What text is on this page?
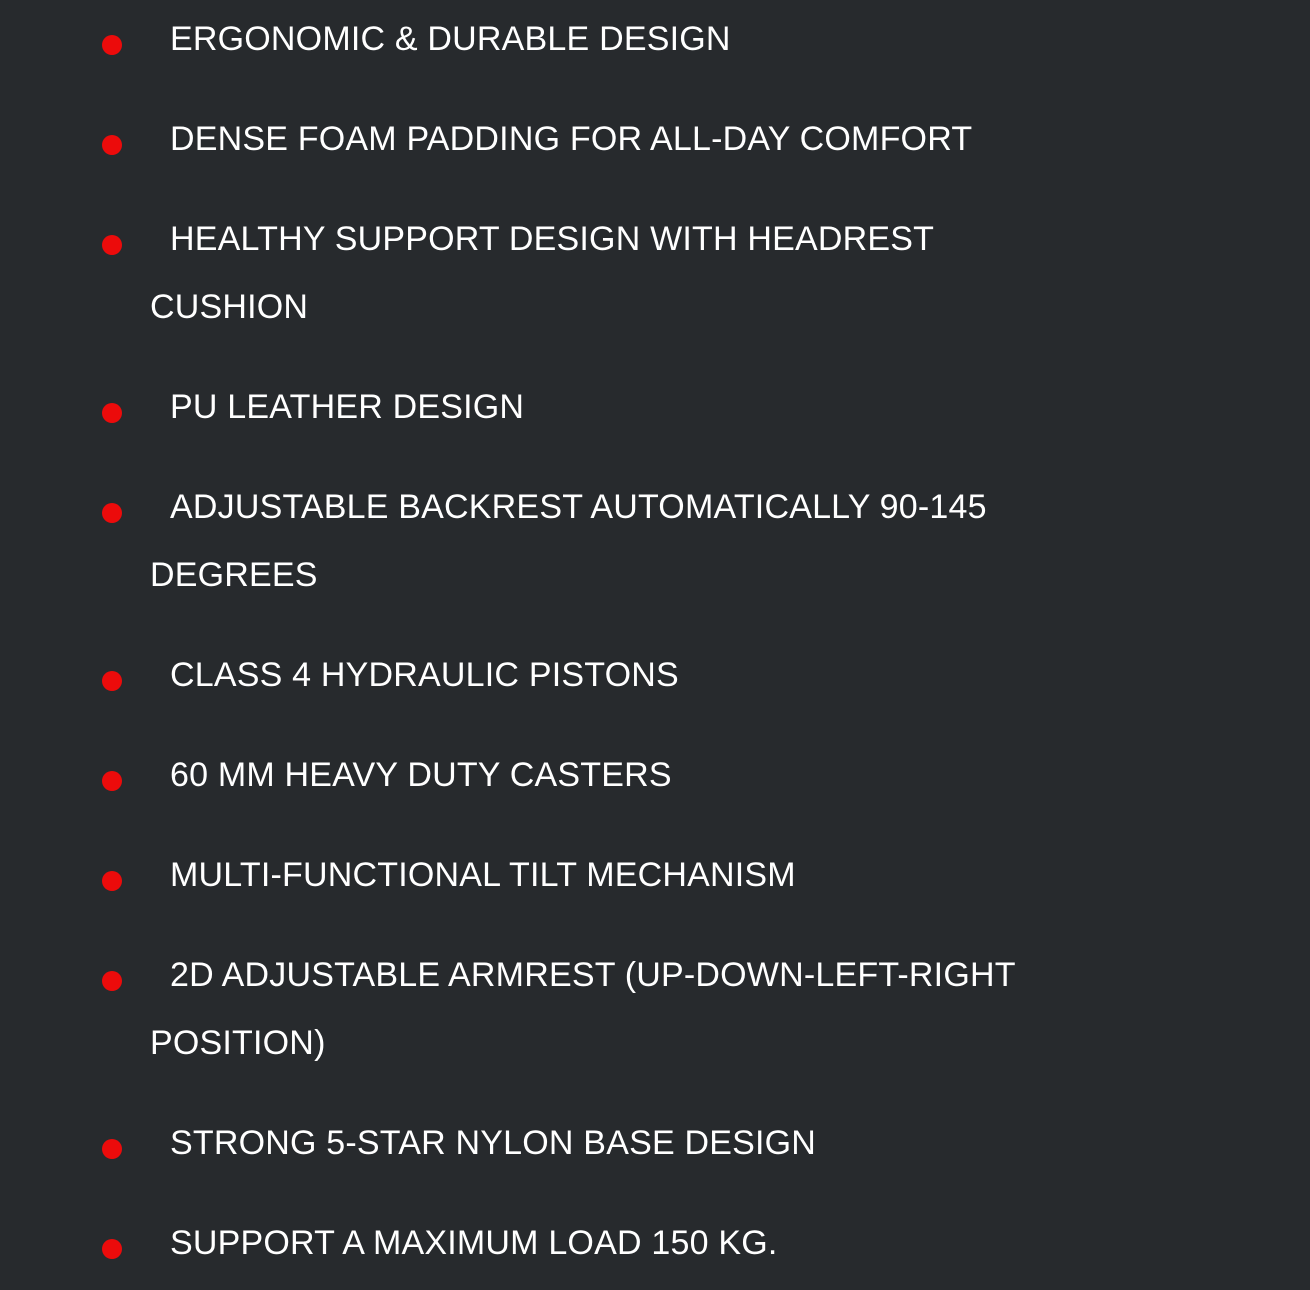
ERGONOMIC & DURABLE DESIGN
DENSE FOAM PADDING FOR ALL-DAY COMFORT
HEALTHY SUPPORT DESIGN WITH HEADREST CUSHION
PU LEATHER DESIGN
ADJUSTABLE BACKREST AUTOMATICALLY 90-145 DEGREES
CLASS 4 HYDRAULIC PISTONS
60 MM HEAVY DUTY CASTERS
MULTI-FUNCTIONAL TILT MECHANISM
2D ADJUSTABLE ARMREST (UP-DOWN-LEFT-RIGHT POSITION)
STRONG 5-STAR NYLON BASE DESIGN
SUPPORT A MAXIMUM LOAD 150 KG.
